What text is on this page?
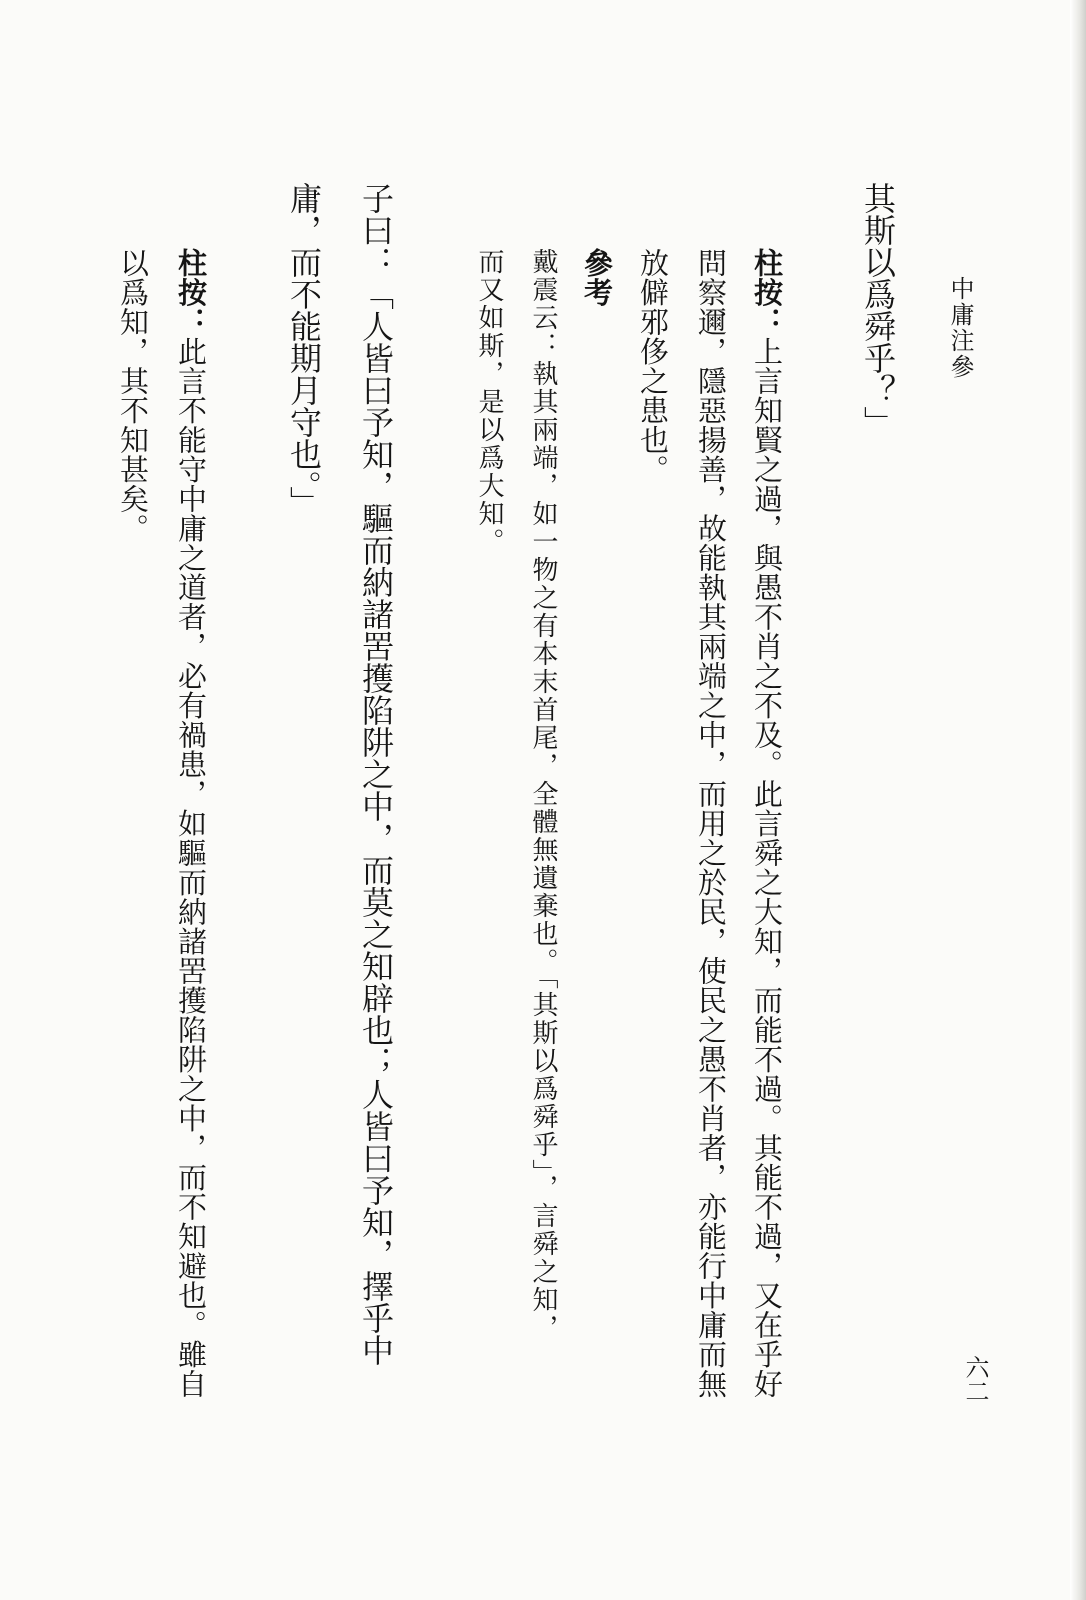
中庸注參
六二
其斯以爲舜乎？」
柱按：上言知賢之過，與愚不肖之不及。此言舜之大知，而能不過。其能不過，又在乎好
問察邇，隱惡揚善，故能執其兩端之中，而用之於民，使民之愚不肖者，亦能行中庸而無
放僻邪侈之患也。
參考
戴震云：執其兩端，如一物之有本末首尾，全體無遺棄也。「其斯以爲舜乎」，言舜之知，
而又如斯，是以爲大知。
子曰：「人皆曰予知，驅而納諸罟擭陷阱之中，而莫之知辟也；人皆曰予知，擇乎中
庸，而不能期月守也。」
柱按：此言不能守中庸之道者，必有禍患，如驅而納諸罟擭陷阱之中，而不知避也。雖自
以爲知，其不知甚矣。
